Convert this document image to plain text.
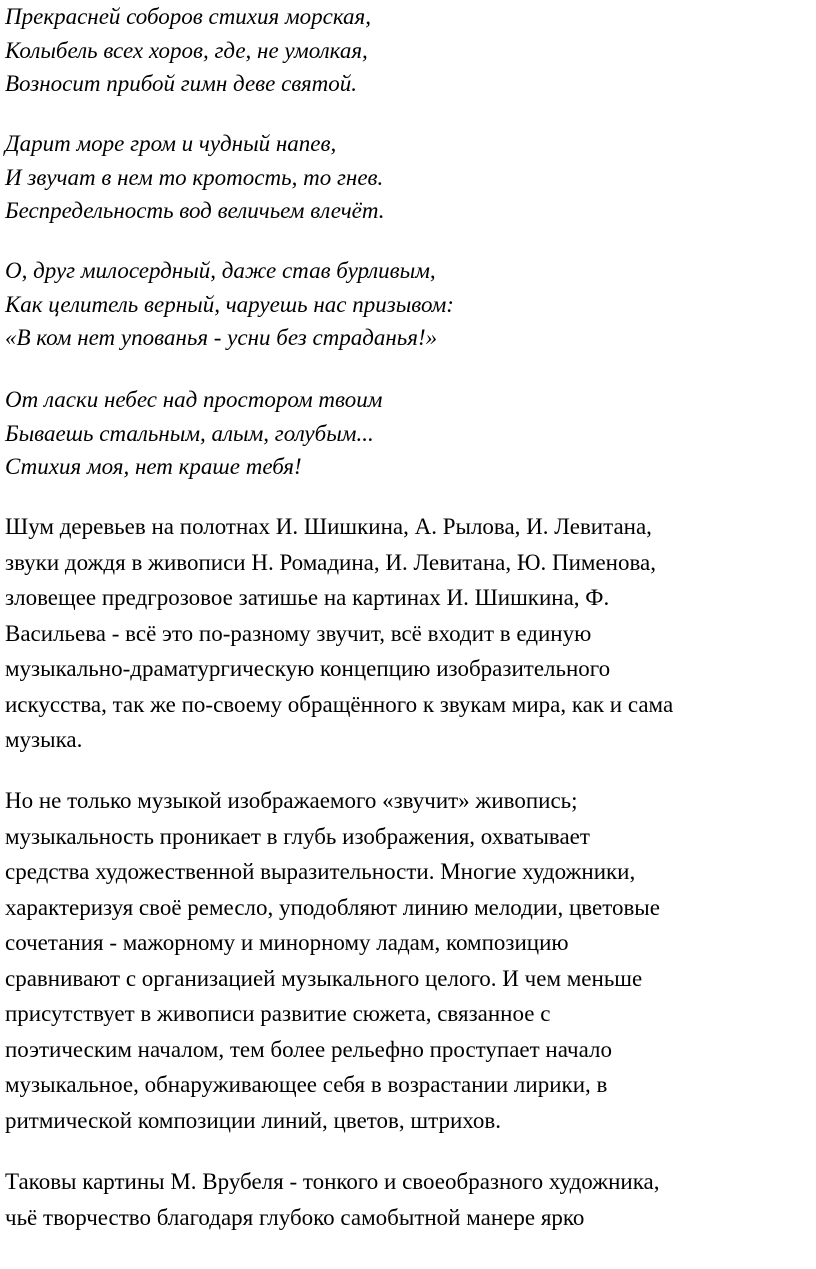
Прекрасней соборов стихия морская,
Колыбель всех хоров, где, не умолкая,
Возносит прибой гимн деве святой.
Дарит море гром и чудный напев,
И звучат в нем то кротость, то гнев.
Беспредельность вод величьем влечёт.
О, друг милосердный, даже став бурливым,
Как целитель верный, чаруешь нас призывом:
«В ком нет упованья - усни без страданья!»
От ласки небес над простором твоим
Бываешь стальным, алым, голубым...
Стихия моя, нет краше тебя!
Шум деревьев на полотнах И. Шишкина, А. Рылова, И. Левитана,
звуки дождя в живописи Н. Ромадина, И. Левитана, Ю. Пименова,
зловещее предгрозовое затишье на картинах И. Шишкина, Ф.
Васильева - всё это по-разному звучит, всё входит в единую
музыкально-драматургическую концепцию изобразительного
искусства, так же по-своему обращённого к звукам мира, как и сама
музыка.
Но не только музыкой изображаемого «звучит» живопись;
музыкальность проникает в глубь изображения, охватывает
средства художественной выразительности. Многие художники,
характеризуя своё ремесло, уподобляют линию мелодии, цветовые
сочетания - мажорному и минорному ладам, композицию
сравнивают с организацией музыкального целого. И чем меньше
присутствует в живописи развитие сюжета, связанное с
поэтическим началом, тем более рельефно проступает начало
музыкальное, обнаруживающее себя в возрастании лирики, в
ритмической композиции линий, цветов, штрихов.
Таковы картины М. Врубеля - тонкого и своеобразного художника,
чьё творчество благодаря глубоко самобытной манере ярко
